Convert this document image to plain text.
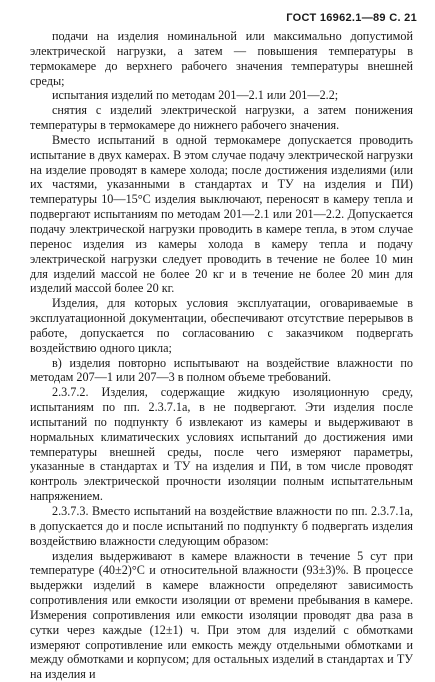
ГОСТ 16962.1—89 С. 21

подачи на изделия номинальной или максимально допустимой электрической нагрузки, а затем — повышения температуры в термокамере до верхнего рабочего значения температуры внешней среды;

испытания изделий по методам 201—2.1 или 201—2.2;

снятия с изделий электрической нагрузки, а затем понижения температуры в термокамере до нижнего рабочего значения.

Вместо испытаний в одной термокамере допускается проводить испытание в двух камерах. В этом случае подачу электрической нагрузки на изделие проводят в камере холода; после достижения изделиями (или их частями, указанными в стандартах и ТУ на изделия и ПИ) температуры 10—15°С изделия выключают, переносят в камеру тепла и подвергают испытаниям по методам 201—2.1 или 201—2.2. Допускается подачу электрической нагрузки проводить в камере тепла, в этом случае перенос изделия из камеры холода в камеру тепла и подачу электрической нагрузки следует проводить в течение не более 10 мин для изделий массой не более 20 кг и в течение не более 20 мин для изделий массой более 20 кг.

Изделия, для которых условия эксплуатации, оговариваемые в эксплуатационной документации, обеспечивают отсутствие перерывов в работе, допускается по согласованию с заказчиком подвергать воздействию одного цикла;

в) изделия повторно испытывают на воздействие влажности по методам 207—1 или 207—3 в полном объеме требований.

2.3.7.2. Изделия, содержащие жидкую изоляционную среду, испытаниям по пп. 2.3.7.1а, в не подвергают. Эти изделия после испытаний по подпункту б извлекают из камеры и выдерживают в нормальных климатических условиях испытаний до достижения ими температуры внешней среды, после чего измеряют параметры, указанные в стандартах и ТУ на изделия и ПИ, в том числе проводят контроль электрической прочности изоляции полным испытательным напряжением.

2.3.7.3. Вместо испытаний на воздействие влажности по пп. 2.3.7.1а, в допускается до и после испытаний по подпункту б подвергать изделия воздействию влажности следующим образом:

изделия выдерживают в камере влажности в течение 5 сут при температуре (40±2)°С и относительной влажности (93±3)%. В процессе выдержки изделий в камере влажности определяют зависимость сопротивления или емкости изоляции от времени пребывания в камере. Измерения сопротивления или емкости изоляции проводят два раза в сутки через каждые (12±1) ч. При этом для изделий с обмотками измеряют сопротивление или емкость между отдельными обмотками и между обмотками и корпусом; для остальных изделий в стандартах и ТУ на изделия и
